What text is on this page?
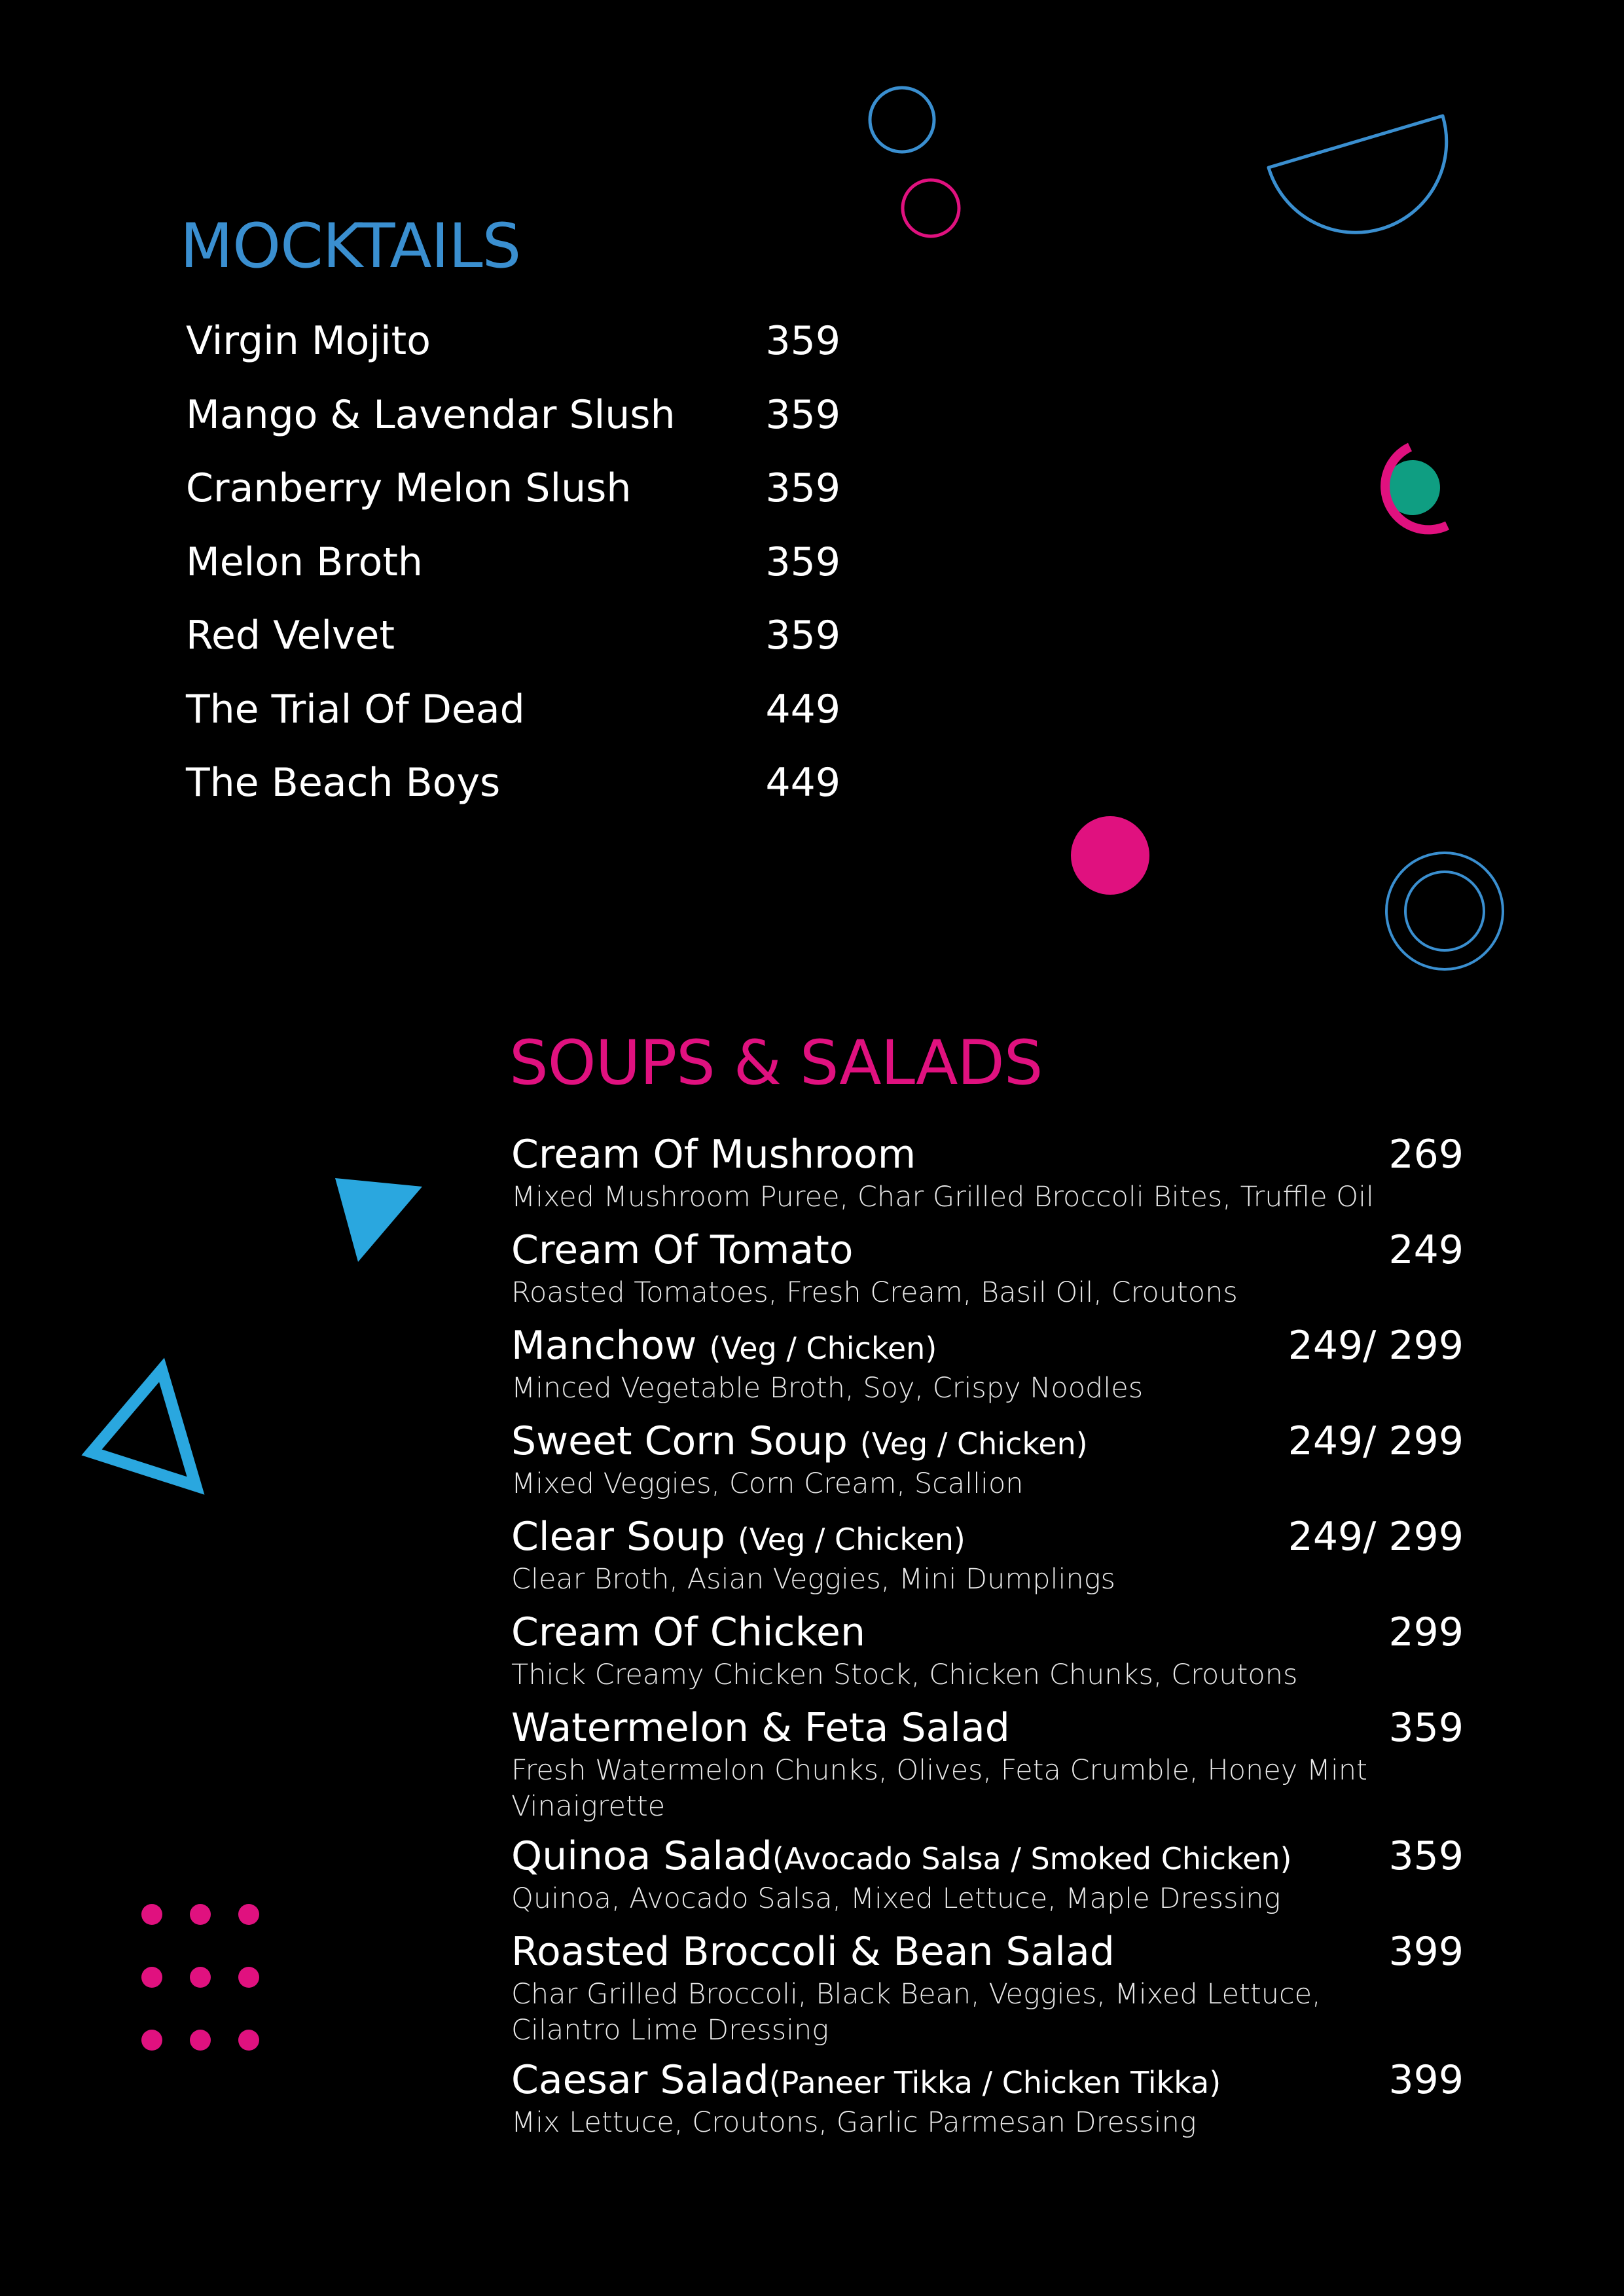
MOCKTAILS
Virgin Mojito	359
Mango & Lavendar Slush 359
Cranberry Melon Slush	359
Melon Broth	359
Red Velvet	359
The Trial Of Dead	449
The Beach Boys	449
SOUPS & SALADS
Cream Of Mushroom	269
Mixed Mushroom Puree, Char Grilled Broccoli Bites, Truffle Oil
Cream Of Tomato	249
Roasted Tomatoes, Fresh Cream, Basil Oil, Croutons
Manchow (Veg / Chicken)	249/ 299
Minced Vegetable Broth, Soy, Crispy Noodles
Sweet Corn Soup (Veg / Chicken)	249/ 299
Mixed Veggies, Corn Cream, Scallion
Clear Soup (Veg / Chicken)	249/ 299
Clear Broth, Asian Veggies, Mini Dumplings
Cream Of Chicken	299
Thick Creamy Chicken Stock, Chicken Chunks, Croutons
Watermelon & Feta Salad	359
Fresh Watermelon Chunks, Olives, Feta Crumble, Honey Mint Vinaigrette
Quinoa Salad(Avocado Salsa / Smoked Chicken) 359
Quinoa, Avocado Salsa, Mixed Lettuce, Maple Dressing
Roasted Broccoli & Bean Salad	399
Char Grilled Broccoli, Black Bean, Veggies, Mixed Lettuce, Cilantro Lime Dressing
Caesar Salad(Paneer Tikka / Chicken Tikka)	399
Mix Lettuce, Croutons, Garlic Parmesan Dressing
